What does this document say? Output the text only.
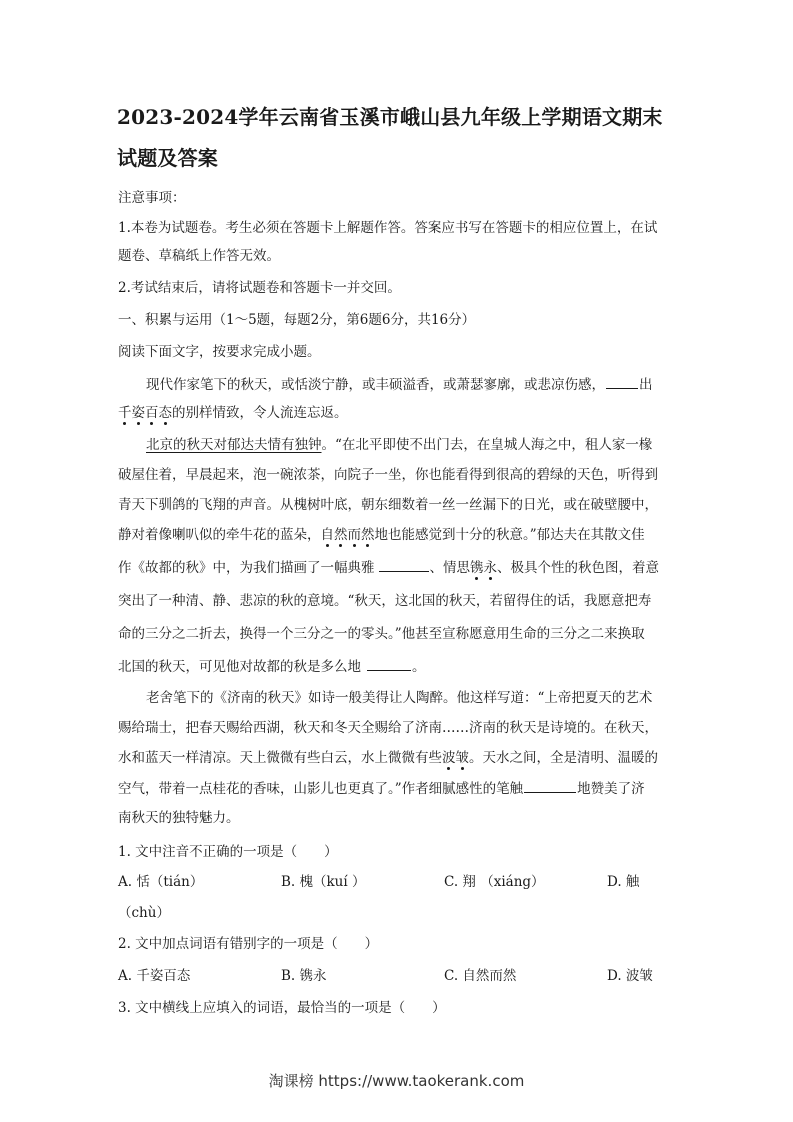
2023-2024学年云南省玉溪市峨山县九年级上学期语文期末
试题及答案
注意事项：
1.本卷为试题卷。考生必须在答题卡上解题作答。答案应书写在答题卡的相应位置上，在试
题卷、草稿纸上作答无效。
2.考试结束后，请将试题卷和答题卡一并交回。
一、积累与运用（1～5题，每题2分，第6题6分，共16分）
阅读下面文字，按要求完成小题。
现代作家笔下的秋天，或恬淡宁静，或丰硕溢香，或萧瑟寥廓，或悲凉伤感，	出
千姿百态的别样情致，令人流连忘返。
北京的秋天对郁达夫情有独钟。“在北平即使不出门去，在皇城人海之中，租人家一椽
破屋住着，早晨起来，泡一碗浓茶，向院子一坐，你也能看得到很高的碧绿的天色，听得到
青天下驯鸽的飞翔的声音。从槐树叶底，朝东细数着一丝一丝漏下的日光，或在破壁腰中，
静对着像喇叭似的牵牛花的蓝朵，自然而然地也能感觉到十分的秋意。”郁达夫在其散文佳
作《故都的秋》中，为我们描画了一幅典雅	、情思镌永、极具个性的秋色图，着意
突出了一种清、静、悲凉的秋的意境。“秋天，这北国的秋天，若留得住的话，我愿意把寿
命的三分之二折去，换得一个三分之一的零头。”他甚至宣称愿意用生命的三分之二来换取
北国的秋天，可见他对故都的秋是多么地	。
老舍笔下的《济南的秋天》如诗一般美得让人陶醉。他这样写道：“上帝把夏天的艺术
赐给瑞士，把春天赐给西湖，秋天和冬天全赐给了济南……济南的秋天是诗境的。在秋天，
水和蓝天一样清凉。天上微微有些白云，水上微微有些波皱。天水之间，全是清明、温暖的
空气，带着一点桂花的香味，山影儿也更真了。”作者细腻感性的笔触	地赞美了济
南秋天的独特魅力。
1. 文中注音不正确的一项是（　　）
A. 恬（tián）	B. 槐（kuí ）	C. 翔 （xiáng）	D. 触
（chù）
2. 文中加点词语有错别字的一项是（　　）
A. 千姿百态	B. 镌永	C. 自然而然	D. 波皱
3. 文中横线上应填入的词语，最恰当的一项是（　　）
淘课榜 https://www.taokerank.com
